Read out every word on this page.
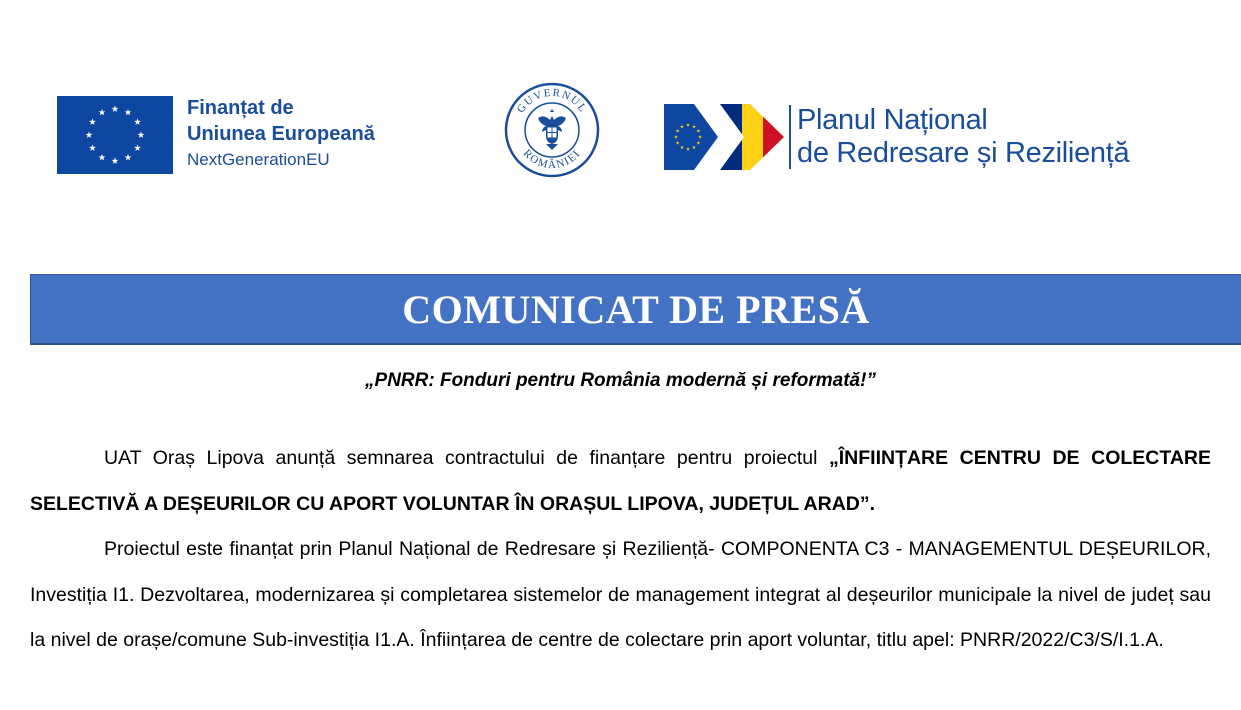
Finanțat de
Uniunea Europeană
NextGenerationEU
GUVERNUL
ROMÂNIEI
Planul Național
de Redresare și Reziliență
COMUNICAT DE PRESĂ
„PNRR: Fonduri pentru România modernă și reformată!”

UAT Oraș Lipova anunță semnarea contractului de finanțare pentru proiectul „ÎNFIINȚARE CENTRU DE COLECTARE SELECTIVĂ A DEȘEURILOR CU APORT VOLUNTAR ÎN ORAȘUL LIPOVA, JUDEȚUL ARAD”.

Proiectul este finanțat prin Planul Național de Redresare și Reziliență- COMPONENTA C3 - MANAGEMENTUL DEȘEURILOR, Investiția I1. Dezvoltarea, modernizarea și completarea sistemelor de management integrat al deșeurilor municipale la nivel de județ sau la nivel de orașe/comune Sub-investiția I1.A. Înființarea de centre de colectare prin aport voluntar, titlu apel: PNRR/2022/C3/S/I.1.A.
